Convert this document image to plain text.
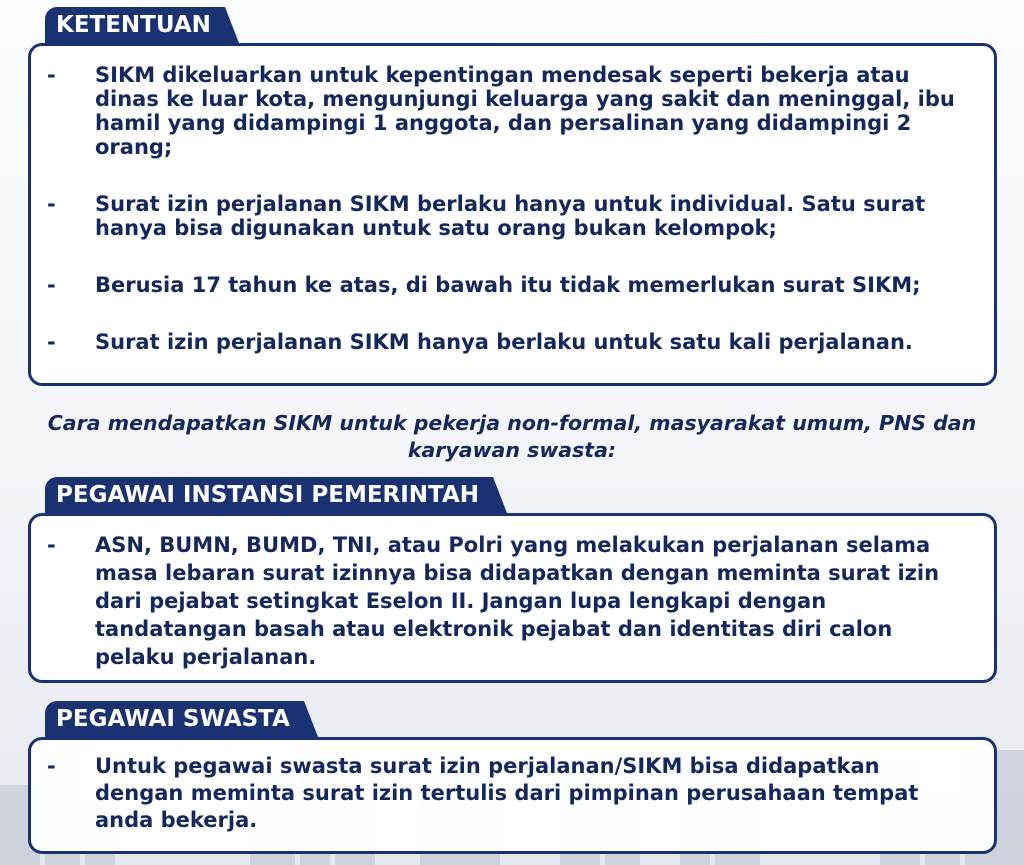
KETENTUAN
- SIKM dikeluarkan untuk kepentingan mendesak seperti bekerja atau dinas ke luar kota, mengunjungi keluarga yang sakit dan meninggal, ibu hamil yang didampingi 1 anggota, dan persalinan yang didampingi 2 orang;
- Surat izin perjalanan SIKM berlaku hanya untuk individual. Satu surat hanya bisa digunakan untuk satu orang bukan kelompok;
- Berusia 17 tahun ke atas, di bawah itu tidak memerlukan surat SIKM;
- Surat izin perjalanan SIKM hanya berlaku untuk satu kali perjalanan.
Cara mendapatkan SIKM untuk pekerja non-formal, masyarakat umum, PNS dan karyawan swasta:
PEGAWAI INSTANSI PEMERINTAH
- ASN, BUMN, BUMD, TNI, atau Polri yang melakukan perjalanan selama masa lebaran surat izinnya bisa didapatkan dengan meminta surat izin dari pejabat setingkat Eselon II. Jangan lupa lengkapi dengan tandatangan basah atau elektronik pejabat dan identitas diri calon pelaku perjalanan.
PEGAWAI SWASTA
- Untuk pegawai swasta surat izin perjalanan/SIKM bisa didapatkan dengan meminta surat izin tertulis dari pimpinan perusahaan tempat anda bekerja.
